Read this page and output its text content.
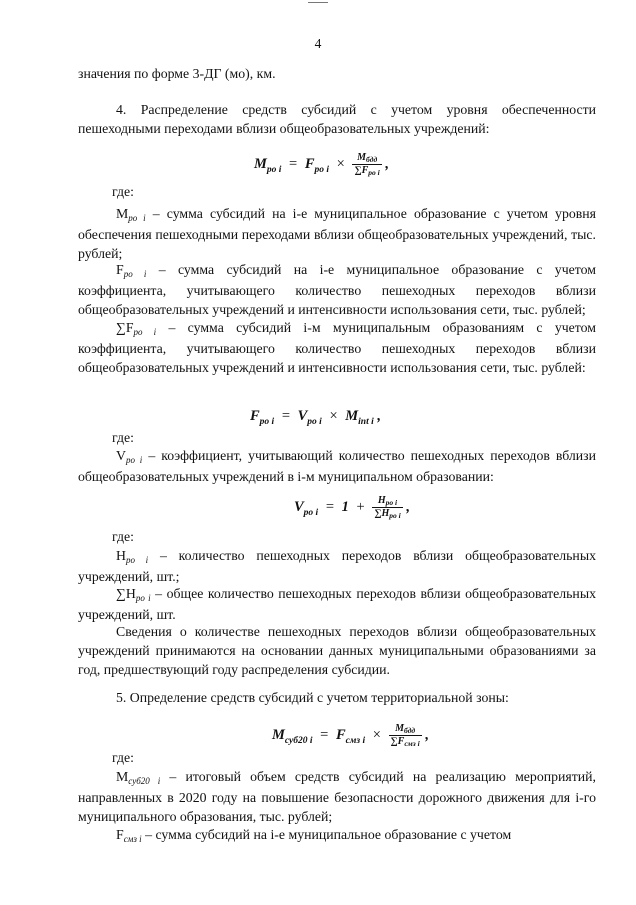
4

значения по форме 3-ДГ (мо), км.

4. Распределение средств субсидий с учетом уровня обеспеченности пешеходными переходами вблизи общеобразовательных учреждений:

$M_{po i} = F_{po i} \times \frac{M_{бдд}}{\sum F_{po i}}$ ,
где:

$M_{po i}$ – сумма субсидий на i-е муниципальное образование с учетом уровня обеспечения пешеходными переходами вблизи общеобразовательных учреждений, тыс. рублей;

$F_{po i}$ – сумма субсидий на i-е муниципальное образование с учетом коэффициента, учитывающего количество пешеходных переходов вблизи общеобразовательных учреждений и интенсивности использования сети, тыс. рублей;

$\sum F_{po i}$ – сумма субсидий i-м муниципальным образованиям с учетом коэффициента, учитывающего количество пешеходных переходов вблизи общеобразовательных учреждений и интенсивности использования сети, тыс. рублей:

$F_{po i} = V_{po i} \times M_{int i}$ ,
где:

$V_{po i}$ – коэффициент, учитывающий количество пешеходных переходов вблизи общеобразовательных учреждений в i-м муниципальном образовании:

$V_{po i} = 1 + \frac{H_{po i}}{\sum H_{po i}}$ ,
где:

$H_{po i}$ – количество пешеходных переходов вблизи общеобразовательных учреждений, шт.;

$\sum H_{po i}$ – общее количество пешеходных переходов вблизи общеобразовательных учреждений, шт.

Сведения о количестве пешеходных переходов вблизи общеобразовательных учреждений принимаются на основании данных муниципальными образованиями за год, предшествующий году распределения субсидии.

5. Определение средств субсидий с учетом территориальной зоны:

$M_{суб20 i} = F_{смз i} \times \frac{M_{бдд}}{\sum F_{смз i}}$ ,
где:

$M_{суб20 i}$ – итоговый объем средств субсидий на реализацию мероприятий, направленных в 2020 году на повышение безопасности дорожного движения для i-го муниципального образования, тыс. рублей;

$F_{смз i}$ – сумма субсидий на i-е муниципальное образование с учетом
